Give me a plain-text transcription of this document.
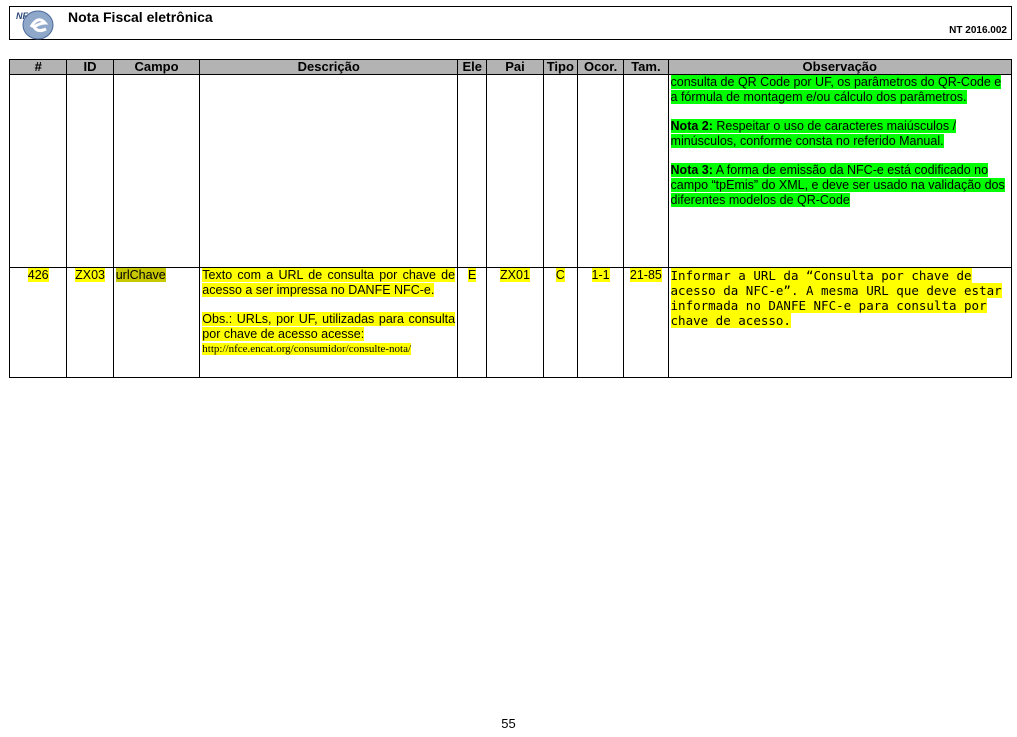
NF	Nota Fiscal eletrônica
NT 2016.002
#	ID	Campo	Descrição	Ele	Pai	Tipo	Ocor.	Tam.	Observação

									consulta de QR Code por UF, os parâmetros do QR-Code e a fórmula de montagem e/ou cálculo dos parâmetros.
Nota 2: Respeitar o uso de caracteres maiúsculos / minúsculos, conforme consta no referido Manual.
Nota 3: A forma de emissão da NFC-e está codificado no campo “tpEmis” do XML, e deve ser usado na validação dos diferentes modelos de QR-Code

426	ZX03	urlChave	Texto com a URL de consulta por chave de acesso a ser impressa no DANFE NFC-e.
Obs.: URLs, por UF, utilizadas para consulta por chave de acesso acesse:
http://nfce.encat.org/consumidor/consulte-nota/	E	ZX01	C	1-1	21-85	Informar a URL da “Consulta por chave de acesso da NFC-e”. A mesma URL que deve estar informada no DANFE NFC-e para consulta por chave de acesso.
55
